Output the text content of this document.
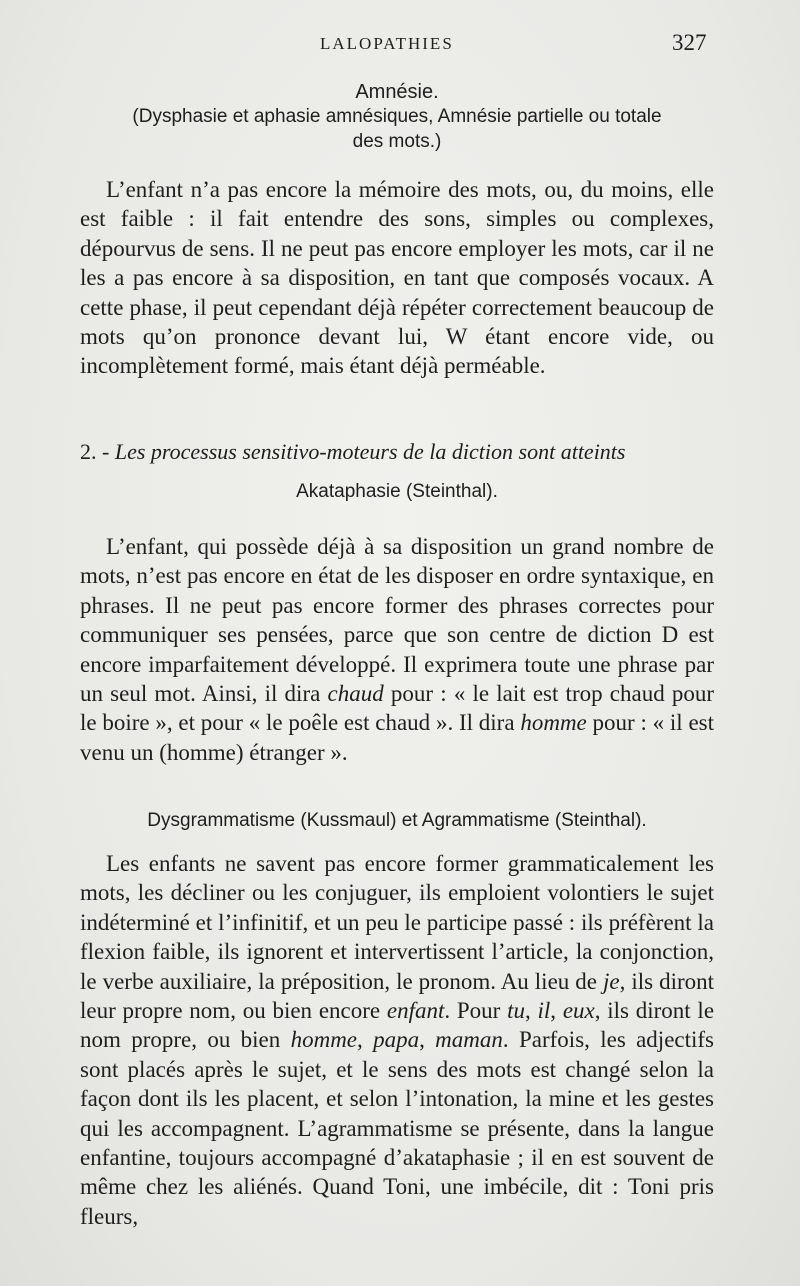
LALOPATHIES	327
Amnésie.
(Dysphasie et aphasie amnésiques, Amnésie partielle ou totale
des mots.)

L’enfant n’a pas encore la mémoire des mots, ou, du moins, elle est faible : il fait entendre des sons, simples ou complexes, dépourvus de sens. Il ne peut pas encore employer les mots, car il ne les a pas encore à sa disposition, en tant que composés vocaux. A cette phase, il peut cependant déjà répéter correctement beaucoup de mots qu’on prononce devant lui, W étant encore vide, ou incomplètement formé, mais étant déjà perméable.

2. - Les processus sensitivo-moteurs de la diction sont atteints
Akataphasie (Steinthal).

L’enfant, qui possède déjà à sa disposition un grand nombre de mots, n’est pas encore en état de les disposer en ordre syntaxique, en phrases. Il ne peut pas encore former des phrases correctes pour communiquer ses pensées, parce que son centre de diction D est encore imparfaitement développé. Il exprimera toute une phrase par un seul mot. Ainsi, il dira chaud pour : « le lait est trop chaud pour le boire », et pour « le poêle est chaud ». Il dira homme pour : « il est venu un (homme) étranger ».

Dysgrammatisme (Kussmaul) et Agrammatisme (Steinthal).

Les enfants ne savent pas encore former grammaticalement les mots, les décliner ou les conjuguer, ils emploient volontiers le sujet indéterminé et l’infinitif, et un peu le participe passé : ils préfèrent la flexion faible, ils ignorent et intervertissent l’article, la conjonction, le verbe auxiliaire, la préposition, le pronom. Au lieu de je, ils diront leur propre nom, ou bien encore enfant. Pour tu, il, eux, ils diront le nom propre, ou bien homme, papa, maman. Parfois, les adjectifs sont placés après le sujet, et le sens des mots est changé selon la façon dont ils les placent, et selon l’intonation, la mine et les gestes qui les accompagnent. L’agrammatisme se présente, dans la langue enfantine, toujours accompagné d’akataphasie ; il en est souvent de même chez les aliénés. Quand Toni, une imbécile, dit : Toni pris fleurs,
